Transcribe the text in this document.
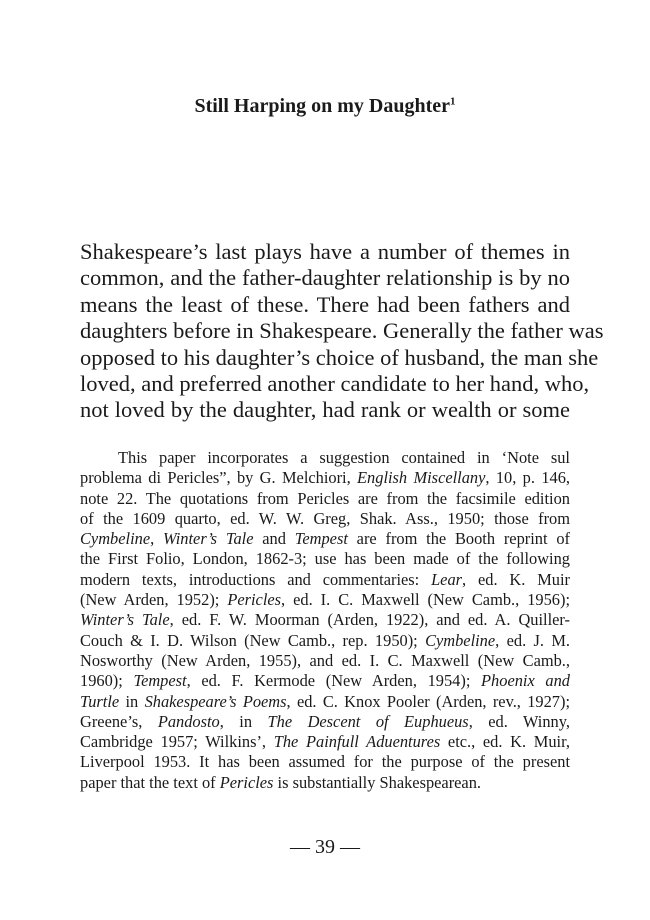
Still Harping on my Daughter$^1$
Shakespeare’s last plays have a number of themes in
common, and the father-daughter relationship is by no
means the least of these. There had been fathers and
daughters before in Shakespeare. Generally the father was
opposed to his daughter’s choice of husband, the man she
loved, and preferred another candidate to her hand, who,
not loved by the daughter, had rank or wealth or some
This paper incorporates a suggestion contained in ‘Note sul
problema di Pericles”, by G. Melchiori, English Miscellany, 10, p. 146,
note 22. The quotations from Pericles are from the facsimile edition
of the 1609 quarto, ed. W. W. Greg, Shak. Ass., 1950; those from
Cymbeline, Winter’s Tale and Tempest are from the Booth reprint of
the First Folio, London, 1862-3; use has been made of the following
modern texts, introductions and commentaries: Lear, ed. K. Muir
(New Arden, 1952); Pericles, ed. I. C. Maxwell (New Camb., 1956);
Winter’s Tale, ed. F. W. Moorman (Arden, 1922), and ed. A. Quiller-
Couch & I. D. Wilson (New Camb., rep. 1950); Cymbeline, ed. J. M.
Nosworthy (New Arden, 1955), and ed. I. C. Maxwell (New Camb.,
1960); Tempest, ed. F. Kermode (New Arden, 1954); Phoenix and
Turtle in Shakespeare’s Poems, ed. C. Knox Pooler (Arden, rev., 1927);
Greene’s, Pandosto, in The Descent of Euphueus, ed. Winny,
Cambridge 1957; Wilkins’, The Painfull Aduentures etc., ed. K. Muir,
Liverpool 1953. It has been assumed for the purpose of the present
paper that the text of Pericles is substantially Shakespearean.
— 39 —
